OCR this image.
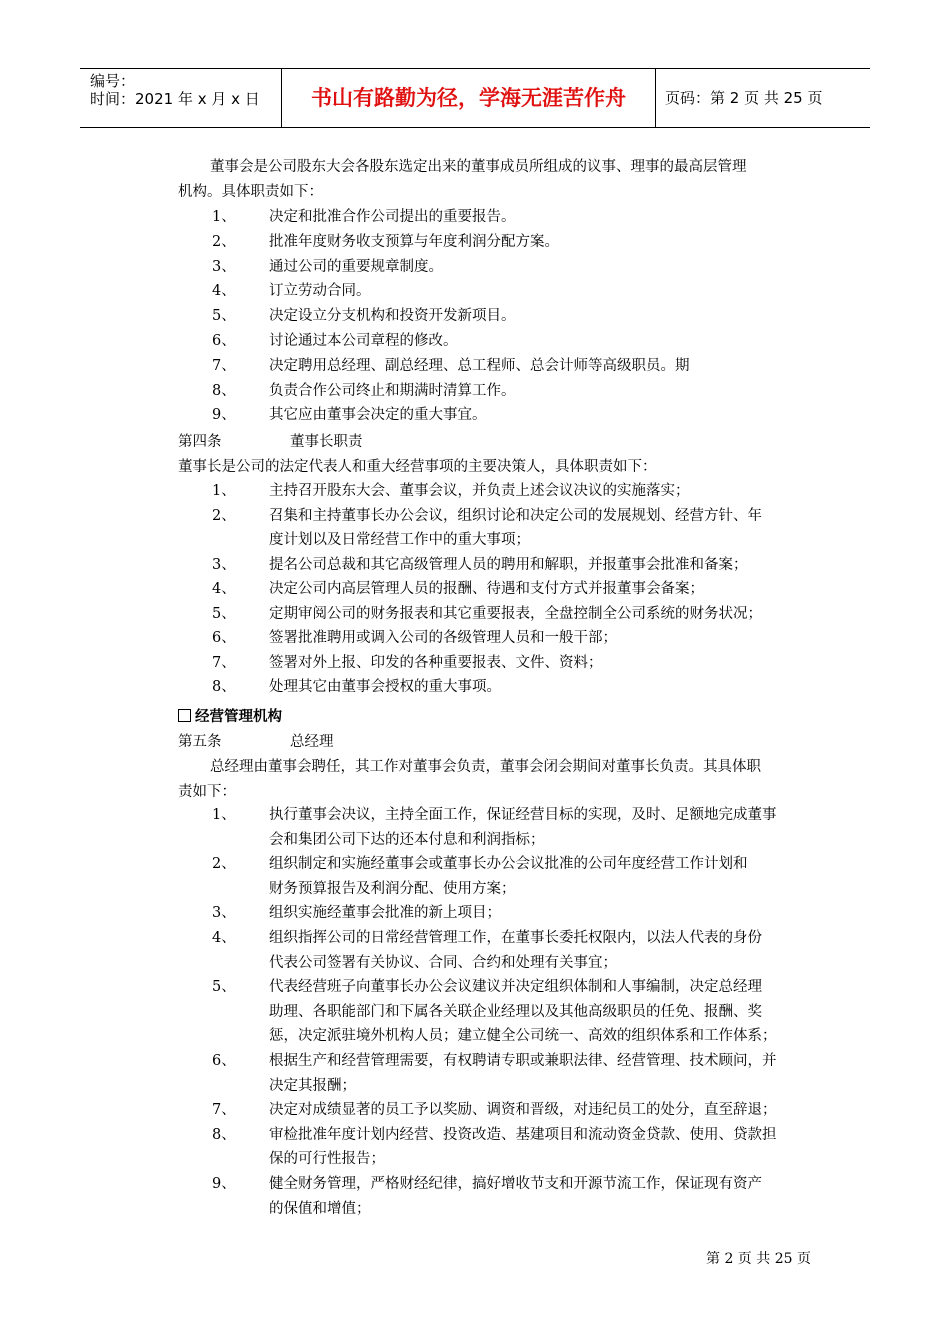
编号：
时间：2021 年 x 月 x 日	书山有路勤为径，学海无涯苦作舟	页码：第 2 页 共 25 页
董事会是公司股东大会各股东选定出来的董事成员所组成的议事、理事的最高层管理
机构。具体职责如下：
1、 决定和批准合作公司提出的重要报告。
2、 批准年度财务收支预算与年度利润分配方案。
3、 通过公司的重要规章制度。
4、 订立劳动合同。
5、 决定设立分支机构和投资开发新项目。
6、 讨论通过本公司章程的修改。
7、 决定聘用总经理、副总经理、总工程师、总会计师等高级职员。期
8、 负责合作公司终止和期满时清算工作。
9、 其它应由董事会决定的重大事宜。
第四条	董事长职责
董事长是公司的法定代表人和重大经营事项的主要决策人，具体职责如下：
1、 主持召开股东大会、董事会议，并负责上述会议决议的实施落实；
2、 召集和主持董事长办公会议，组织讨论和决定公司的发展规划、经营方针、年
度计划以及日常经营工作中的重大事项；
3、 提名公司总裁和其它高级管理人员的聘用和解职，并报董事会批准和备案；
4、 决定公司内高层管理人员的报酬、待遇和支付方式并报董事会备案；
5、 定期审阅公司的财务报表和其它重要报表，全盘控制全公司系统的财务状况；
6、 签署批准聘用或调入公司的各级管理人员和一般干部；
7、 签署对外上报、印发的各种重要报表、文件、资料；
8、 处理其它由董事会授权的重大事项。
经营管理机构
第五条	总经理
总经理由董事会聘任，其工作对董事会负责，董事会闭会期间对董事长负责。其具体职
责如下：
1、 执行董事会决议，主持全面工作，保证经营目标的实现，及时、足额地完成董事
会和集团公司下达的还本付息和利润指标；
2、 组织制定和实施经董事会或董事长办公会议批准的公司年度经营工作计划和
财务预算报告及利润分配、使用方案；
3、 组织实施经董事会批准的新上项目；
4、 组织指挥公司的日常经营管理工作，在董事长委托权限内，以法人代表的身份
代表公司签署有关协议、合同、合约和处理有关事宜；
5、 代表经营班子向董事长办公会议建议并决定组织体制和人事编制，决定总经理
助理、各职能部门和下属各关联企业经理以及其他高级职员的任免、报酬、奖
惩，决定派驻境外机构人员；建立健全公司统一、高效的组织体系和工作体系；
6、 根据生产和经营管理需要，有权聘请专职或兼职法律、经营管理、技术顾问，并
决定其报酬；
7、 决定对成绩显著的员工予以奖励、调资和晋级，对违纪员工的处分，直至辞退；
8、 审检批准年度计划内经营、投资改造、基建项目和流动资金贷款、使用、贷款担
保的可行性报告；
9、 健全财务管理，严格财经纪律，搞好增收节支和开源节流工作，保证现有资产
的保值和增值；
第 2 页 共 25 页
